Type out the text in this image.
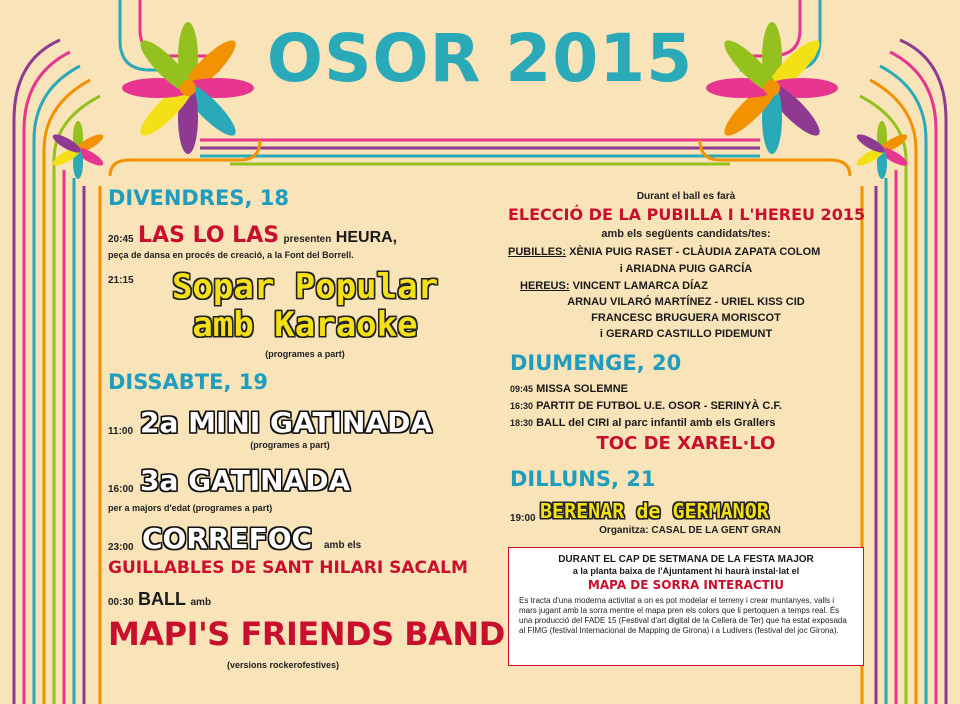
OSOR 2015
DIVENDRES, 18
20:45 LAS LO LAS presenten HEURA,
peça de dansa en procés de creació, a la Font del Borrell.
21:15	Sopar Popular
amb Karaoke
(programes a part)
DISSABTE, 19
11:00 2a MINI GATINADA
(programes a part)
16:00 3a GATINADA
per a majors d'edat (programes a part)
23:00 CORREFOC amb els
GUILLABLES DE SANT HILARI SACALM
00:30 BALL amb
MAPI'S FRIENDS BAND
(versions rockerofestives)
Durant el ball es farà
ELECCIÓ DE LA PUBILLA I L'HEREU 2015
amb els següents candidats/tes:
PUBILLES: XÈNIA PUIG RASET - CLÀUDIA ZAPATA COLOM
i ARIADNA PUIG GARCÍA
HEREUS: VINCENT LAMARCA DÍAZ
ARNAU VILARÓ MARTÍNEZ - URIEL KISS CID
FRANCESC BRUGUERA MORISCOT
i GERARD CASTILLO PIDEMUNT
DIUMENGE, 20
09:45 MISSA SOLEMNE
16:30 PARTIT DE FUTBOL U.E. OSOR - SERINYÀ C.F.
18:30 BALL del CIRI al parc infantil amb els Grallers
TOC DE XAREL·LO
DILLUNS, 21
19:00 BERENAR de GERMANOR
Organitza: CASAL DE LA GENT GRAN
DURANT EL CAP DE SETMANA DE LA FESTA MAJOR
a la planta baixa de l'Ajuntament hi haurà instal·lat el
MAPA DE SORRA INTERACTIU
Es tracta d'una moderna activitat a on es pot modelar el terreny i crear muntanyes, valls i mars jugant amb la sorra mentre el mapa pren els colors que li pertoquen a temps real. És una producció del FADE 15 (Festival d'art digital de la Cellera de Ter) que ha estat exposada al FIMG (festival Internacional de Mapping de Girona) i a Ludivers (festival del joc Girona).
